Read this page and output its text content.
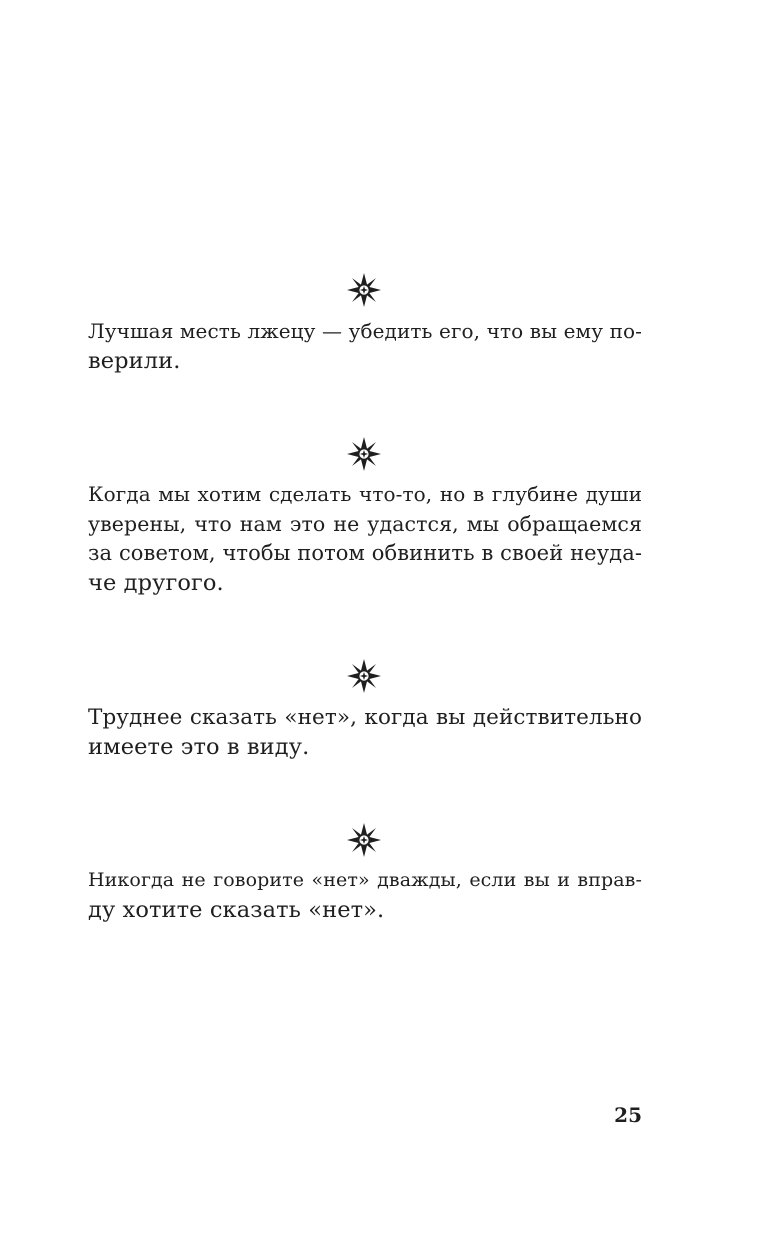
Лучшая месть лжецу — убедить его, что вы ему по-
верили.
Когда мы хотим сделать что-то, но в глубине души
уверены, что нам это не удастся, мы обращаемся
за советом, чтобы потом обвинить в своей неуда-
че другого.
Труднее сказать «нет», когда вы действительно
имеете это в виду.
Никогда не говорите «нет» дважды, если вы и вправ-
ду хотите сказать «нет».
25
